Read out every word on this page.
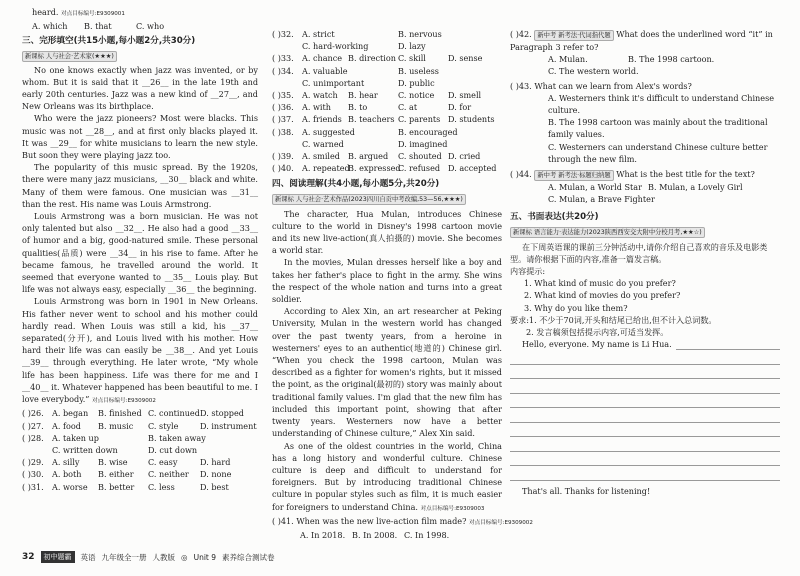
heard. 对点目标编号:E9309001
A. which	B. that	C. who
三、完形填空(共15小题,每小题2分,共30分)
新课标 人与社会·艺术家(★★★)
No one knows exactly when jazz was invented, or by whom. But it is said that it __26__ in the late 19th and early 20th centuries. Jazz was a new kind of __27__, and New Orleans was its birthplace.
Who were the jazz pioneers? Most were blacks. This music was not __28__, and at first only blacks played it. It was __29__ for white musicians to learn the new style. But soon they were playing jazz too.
The popularity of this music spread. By the 1920s, there were many jazz musicians, __30__ black and white. Many of them were famous. One musician was __31__ than the rest. His name was Louis Armstrong.
Louis Armstrong was a born musician. He was not only talented but also __32__. He also had a good __33__ of humor and a big, good-natured smile. These personal qualities(品质) were __34__ in his rise to fame. After he became famous, he travelled around the world. It seemed that everyone wanted to __35__ Louis play. But life was not always easy, especially __36__ the beginning.
Louis Armstrong was born in 1901 in New Orleans. His father never went to school and his mother could hardly read. When Louis was still a kid, his __37__ separated(分开), and Louis lived with his mother. How hard their life was can easily be __38__. And yet Louis __39__ through everything. He later wrote, “My whole life has been happiness. Life was there for me and I __40__ it. Whatever happened has been beautiful to me. I love everybody.” 对点目标编号:E9309002
( )26.	A. began	B. finished C. continued D. stopped
( )27.	A. food	B. music	C. style	D. instrument
( )28.	A. taken up	B. taken away
C. written down	D. cut down
( )29.	A. silly	B. wise	C. easy	D. hard
( )30.	A. both	B. either	C. neither	D. none
( )31.	A. worse	B. better	C. less	D. best
( )32.	A. strict	B. nervous
C. hard-working	D. lazy
( )33.	A. chance B. direction C. skill	D. sense
( )34.	A. valuable	B. useless
C. unimportant	D. public
( )35.	A. watch	B. hear	C. notice	D. smell
( )36.	A. with	B. to	C. at	D. for
( )37.	A. friends B. teachers C. parents D. students
( )38.	A. suggested	B. encouraged
C. warned	D. imagined
( )39.	A. smiled B. argued	C. shouted D. cried
( )40.	A. repeated
B. expressed
C. refused D. accepted
四、阅读理解(共4小题,每小题5分,共20分)
新课标 人与社会·艺术作品(2023四川自贡中考改编,53—56,★★★)
The character, Hua Mulan, introduces Chinese culture to the world in Disney's 1998 cartoon movie and its new live-action(真人拍摄的) movie. She becomes a world star.
In the movies, Mulan dresses herself like a boy and takes her father's place to fight in the army. She wins the respect of the whole nation and turns into a great soldier.
According to Alex Xin, an art researcher at Peking University, Mulan in the western world has changed over the past twenty years, from a heroine in westerners' eyes to an authentic(地道的) Chinese girl. “When you check the 1998 cartoon, Mulan was described as a fighter for women's rights, but it missed the point, as the original(最初的) story was mainly about traditional family values. I'm glad that the new film has included this important point, showing that after twenty years. Westerners now have a better understanding of Chinese culture,” Alex Xin said.
As one of the oldest countries in the world, China has a long history and wonderful culture. Chinese culture is deep and difficult to understand for foreigners. But by introducing traditional Chinese culture in popular styles such as film, it is much easier for foreigners to understand China. 对点目标编号:E9309003
( )41. When was the new live-action film made? 对点目标编号:E9309002
A. In 2018. B. In 2008. C. In 1998.
( )42. 新中考 新考法·代词指代题 What does the underlined word “it” in Paragraph 3 refer to?
A. Mulan.	B. The 1998 cartoon.
C. The western world.
( )43. What can we learn from Alex's words?
A. Westerners think it's difficult to understand Chinese culture.
B. The 1998 cartoon was mainly about the traditional family values.
C. Westerners can understand Chinese culture better through the new film.
( )44. 新中考 新考法·标题归纳题 What is the best title for the text?
A. Mulan, a World Star B. Mulan, a Lovely Girl
C. Mulan, a Brave Fighter
五、书面表达(共20分)
新课标 语言能力·表达能力(2023陕西西安交大附中分校月考,★★☆)
在下周英语课的课前三分钟活动中,请你介绍自己喜欢的音乐及电影类型。请你根据下面的内容,准备一篇发言稿。
内容提示:
1. What kind of music do you prefer?
2. What kind of movies do you prefer?
3. Why do you like them?
要求:1. 不少于70词,开头和结尾已给出,但不计入总词数。
2. 发言稿须包括提示内容,可适当发挥。
Hello, everyone. My name is Li Hua.
That's all. Thanks for listening!
32	初中题霸	英语 九年级全一册 人教版 ◎ Unit 9 素养综合测试卷
